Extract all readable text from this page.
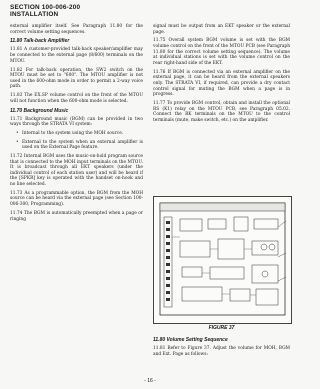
SECTION 100-006-200
INSTALLATION

external amplifier itself. See Paragraph 11.80 for the correct volume setting sequences.

11.80 Talk-back Amplifier

11.81 A customer-provided talk-back speaker/amplifier may be connected to the external page (8/600) terminals on the MTOU.

11.82 For talk-back operation, the SW2 switch on the MTOU must be set to "600". The MTOU amplifier is not used in the 600-ohm mode in order to permit a 2-way voice path.

11.83 The EX.SP volume control on the front of the MTOU will not function when the 600-ohm mode is selected.

11.70 Background Music

11.71 Background music (BGM) can be provided in two ways through the STRATA VI system:

• Internal to the system using the MOH source.
• External to the system when an external amplifier is used on the External Page feature.

11.72 Internal BGM uses the music-on-hold program source that is connected to the MOH input terminals on the MTOU. It is broadcast through all EKT speakers (under the individual control of each station user) and will be heard if the [SPKR] key is operated with the handset on-hook and no line selected.

11.73 As a programmable option, the BGM from the MOH source can be heard via the external page (see Section 100-006-300, Programming).

11.74 The BGM is automatically preempted when a page or ringing

signal must be output from an EKT speaker or the external page.

11.75 Overall system BGM volume is set with the BGM volume control on the front of the MTOU PCB (see Paragraph 11.80 for the correct volume setting sequence). The volume at individual stations is set with the volume control on the rear right-hand side of the EKT.

11.76 If BGM is connected via an external amplifier on the external page, it can be heard from the external speakers only. The STRATA VI, if required, can provide a dry contact control signal for muting the BGM when a page is in progress.

11.77 To provide BGM control, obtain and install the optional RS (K1) relay on the MTOU PCB, see Paragraph 05.02. Connect the BK terminals on the MTOU to the control terminals (mute, make switch, etc.) on the amplifier.

FIGURE 37
11.80 Volume Setting Sequence

11.81 Refer to Figure 37. Adjust the volume for MOH, BGM and Ext. Page as follows:

- 16 -
